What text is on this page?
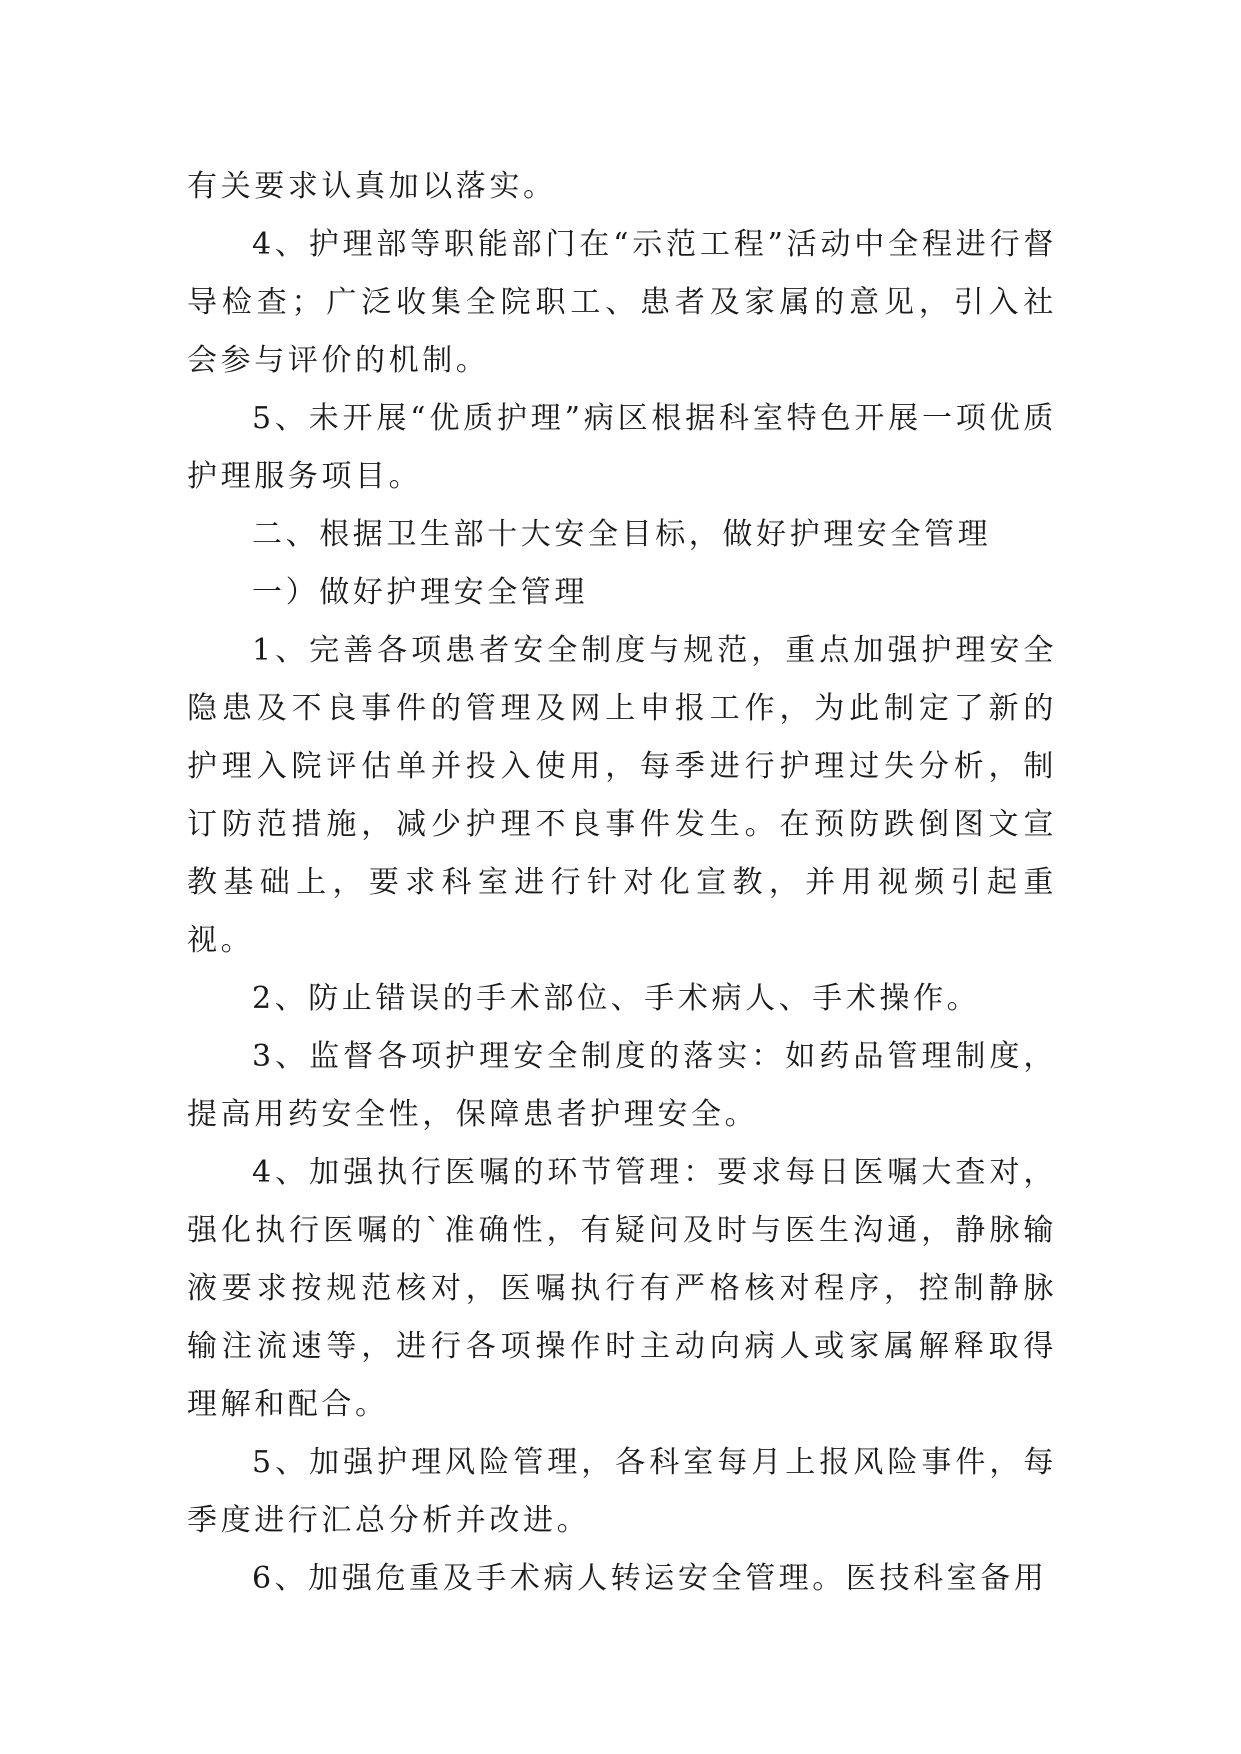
有关要求认真加以落实。

4、护理部等职能部门在“示范工程”活动中全程进行督导检查；广泛收集全院职工、患者及家属的意见，引入社会参与评价的机制。

5、未开展“优质护理”病区根据科室特色开展一项优质护理服务项目。

二、根据卫生部十大安全目标，做好护理安全管理

一）做好护理安全管理

1、完善各项患者安全制度与规范，重点加强护理安全隐患及不良事件的管理及网上申报工作，为此制定了新的护理入院评估单并投入使用，每季进行护理过失分析，制订防范措施，减少护理不良事件发生。在预防跌倒图文宣教基础上，要求科室进行针对化宣教，并用视频引起重视。

2、防止错误的手术部位、手术病人、手术操作。

3、监督各项护理安全制度的落实：如药品管理制度，提高用药安全性，保障患者护理安全。

4、加强执行医嘱的环节管理：要求每日医嘱大查对，强化执行医嘱的`准确性，有疑问及时与医生沟通，静脉输液要求按规范核对，医嘱执行有严格核对程序，控制静脉输注流速等，进行各项操作时主动向病人或家属解释取得理解和配合。

5、加强护理风险管理，各科室每月上报风险事件，每季度进行汇总分析并改进。

6、加强危重及手术病人转运安全管理。医技科室备用
